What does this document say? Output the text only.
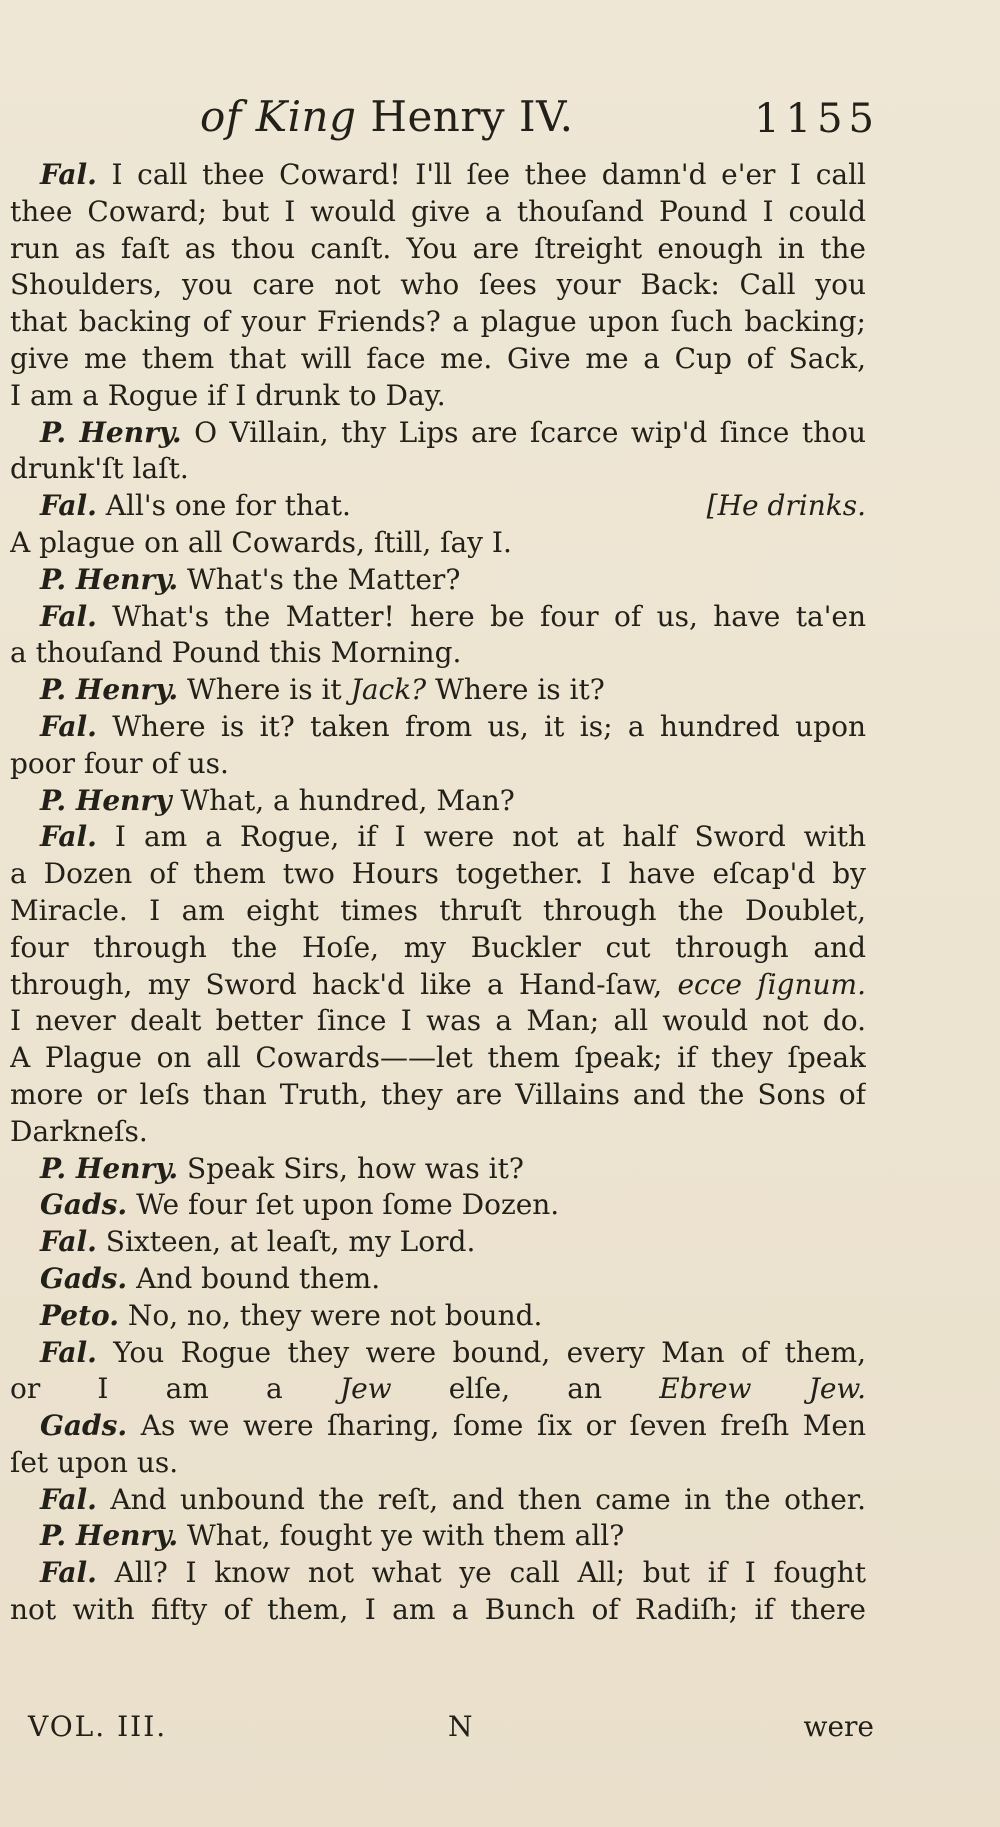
of King Henry IV.	1155
Fal. I call thee Coward! I'll ſee thee damn'd e'er I call
thee Coward; but I would give a thouſand Pound I could
run as faſt as thou canſt. You are ſtreight enough in the
Shoulders, you care not who ſees your Back: Call you
that backing of your Friends? a plague upon ſuch backing;
give me them that will face me. Give me a Cup of Sack,
I am a Rogue if I drunk to Day.
P. Henry. O Villain, thy Lips are ſcarce wip'd ſince thou
drunk'ſt laſt.
Fal. All's one for that.	[He drinks.
A plague on all Cowards, ſtill, ſay I.
P. Henry. What's the Matter?
Fal. What's the Matter! here be four of us, have ta'en
a thouſand Pound this Morning.
P. Henry. Where is it Jack? Where is it?
Fal. Where is it? taken from us, it is; a hundred upon
poor four of us.
P. Henry What, a hundred, Man?
Fal. I am a Rogue, if I were not at half Sword with
a Dozen of them two Hours together. I have eſcap'd by
Miracle. I am eight times thruſt through the Doublet,
four through the Hoſe, my Buckler cut through and
through, my Sword hack'd like a Hand-ſaw, ecce ſignum.
I never dealt better ſince I was a Man; all would not do.
A Plague on all Cowards——let them ſpeak; if they ſpeak
more or leſs than Truth, they are Villains and the Sons of
Darkneſs.
P. Henry. Speak Sirs, how was it?
Gads. We four ſet upon ſome Dozen.
Fal. Sixteen, at leaſt, my Lord.
Gads. And bound them.
Peto. No, no, they were not bound.
Fal. You Rogue they were bound, every Man of them,
or I am a Jew elſe, an Ebrew Jew.
Gads. As we were ſharing, ſome ſix or ſeven freſh Men
ſet upon us.
Fal. And unbound the reſt, and then came in the other.
P. Henry. What, fought ye with them all?
Fal. All? I know not what ye call All; but if I fought
not with fifty of them, I am a Bunch of Radiſh; if there
VOL. III.	N	were
